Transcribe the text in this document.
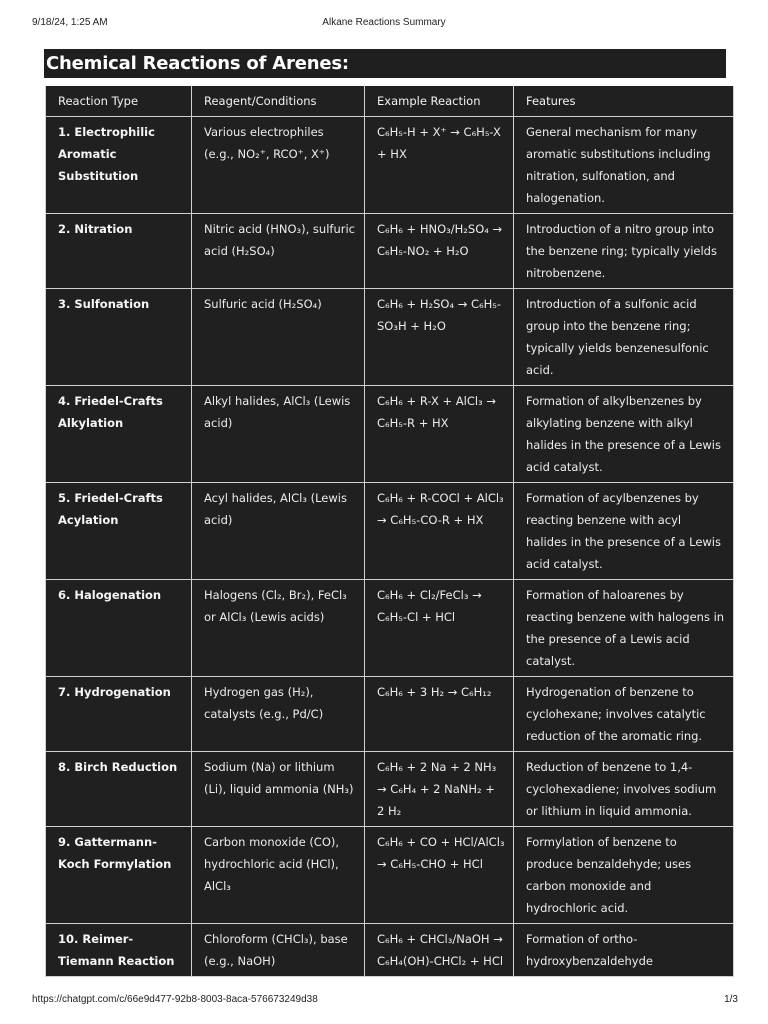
9/18/24, 1:25 AM	Alkane Reactions Summary
Chemical Reactions of Arenes:
Reaction Type	Reagent/Conditions	Example Reaction	Features
1. Electrophilic Aromatic Substitution	Various electrophiles (e.g., NO₂⁺, RCO⁺, X⁺)	C₆H₅-H + X⁺ → C₆H₅-X + HX	General mechanism for many aromatic substitutions including nitration, sulfonation, and halogenation.
2. Nitration	Nitric acid (HNO₃), sulfuric acid (H₂SO₄)	C₆H₆ + HNO₃/H₂SO₄ → C₆H₅-NO₂ + H₂O	Introduction of a nitro group into the benzene ring; typically yields nitrobenzene.
3. Sulfonation	Sulfuric acid (H₂SO₄)	C₆H₆ + H₂SO₄ → C₆H₅-SO₃H + H₂O	Introduction of a sulfonic acid group into the benzene ring; typically yields benzenesulfonic acid.
4. Friedel-Crafts Alkylation	Alkyl halides, AlCl₃ (Lewis acid)	C₆H₆ + R-X + AlCl₃ → C₆H₅-R + HX	Formation of alkylbenzenes by alkylating benzene with alkyl halides in the presence of a Lewis acid catalyst.
5. Friedel-Crafts Acylation	Acyl halides, AlCl₃ (Lewis acid)	C₆H₆ + R-COCl + AlCl₃ → C₆H₅-CO-R + HX	Formation of acylbenzenes by reacting benzene with acyl halides in the presence of a Lewis acid catalyst.
6. Halogenation	Halogens (Cl₂, Br₂), FeCl₃ or AlCl₃ (Lewis acids)	C₆H₆ + Cl₂/FeCl₃ → C₆H₅-Cl + HCl	Formation of haloarenes by reacting benzene with halogens in the presence of a Lewis acid catalyst.
7. Hydrogenation	Hydrogen gas (H₂), catalysts (e.g., Pd/C)	C₆H₆ + 3 H₂ → C₆H₁₂	Hydrogenation of benzene to cyclohexane; involves catalytic reduction of the aromatic ring.
8. Birch Reduction	Sodium (Na) or lithium (Li), liquid ammonia (NH₃)	C₆H₆ + 2 Na + 2 NH₃ → C₆H₄ + 2 NaNH₂ + 2 H₂	Reduction of benzene to 1,4-cyclohexadiene; involves sodium or lithium in liquid ammonia.
9. Gattermann-Koch Formylation	Carbon monoxide (CO), hydrochloric acid (HCl), AlCl₃	C₆H₆ + CO + HCl/AlCl₃ → C₆H₅-CHO + HCl	Formylation of benzene to produce benzaldehyde; uses carbon monoxide and hydrochloric acid.
10. Reimer-Tiemann Reaction	Chloroform (CHCl₃), base (e.g., NaOH)	C₆H₆ + CHCl₃/NaOH → C₆H₄(OH)-CHCl₂ + HCl	Formation of ortho-hydroxybenzaldehyde
https://chatgpt.com/c/66e9d477-92b8-8003-8aca-576673249d38	1/3
